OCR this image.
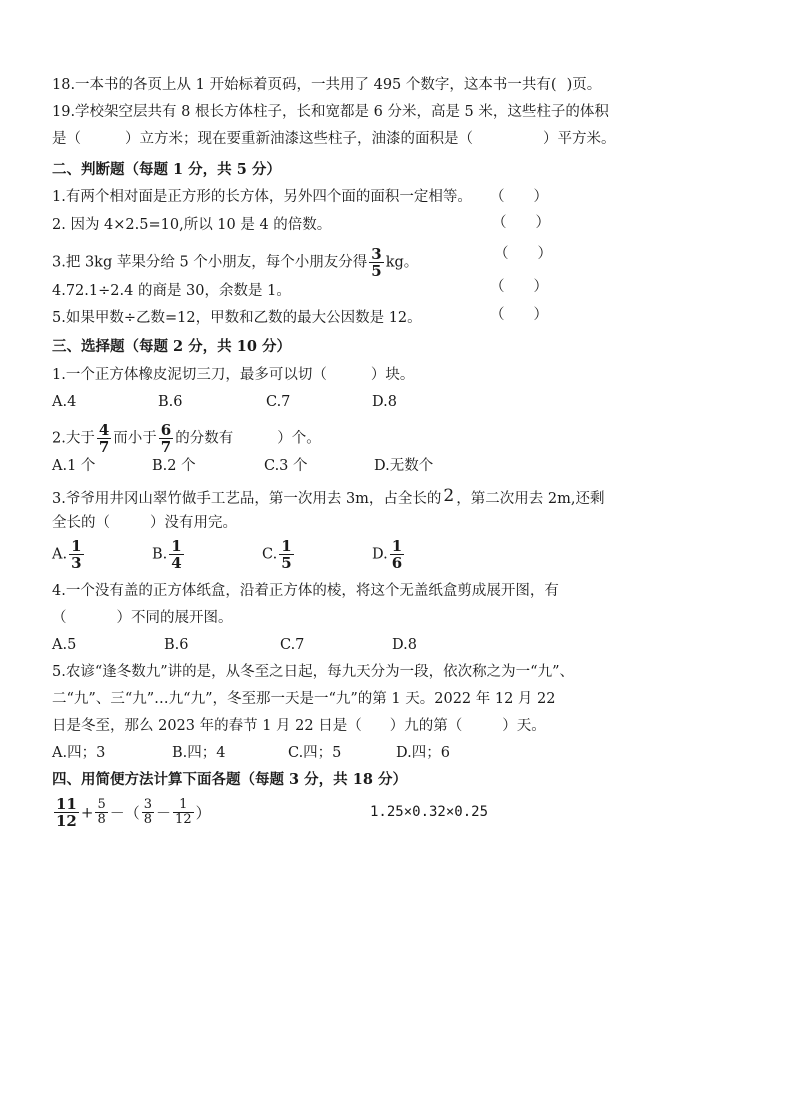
18.一本书的各页上从 1 开始标着页码，一共用了 495 个数字，这本书一共有( )页。
19.学校架空层共有 8 根长方体柱子，长和宽都是 6 分米，高是 5 米，这些柱子的体积
是（	）立方米；现在要重新油漆这些柱子，油漆的面积是（	）平方米。
二、判断题（每题 1 分，共 5 分）
1.有两个相对面是正方形的长方体，另外四个面的面积一定相等。 （　　）
2. 因为 4×2.5=10,所以 10 是 4 的倍数。	（　　）
3.把 3kg 苹果分给 5 个小朋友，每个小朋友分得 $\frac{3}{5}$ kg。
（　　）
4.72.1÷2.4 的商是 30，余数是 1。	（　　）
5.如果甲数÷乙数=12，甲数和乙数的最大公因数是 12。	（　　）
三、选择题（每题 2 分，共 10 分）
1.一个正方体橡皮泥切三刀，最多可以切（	）块。
A.4	B.6	C.7	D.8
2.大于 $\frac{4}{7}$ 而小于 $\frac{6}{7}$ 的分数有	）个。
A.1 个	B.2 个	C.3 个	D.无数个
3.爷爷用井冈山翠竹做手工艺品，第一次用去 3m，占全长的 2 ，第二次用去 2m,还剩
全长的（	）没有用完。
A. $\frac{1}{3}$	B. $\frac{1}{4}$	C. $\frac{1}{5}$	D. $\frac{1}{6}$
4.一个没有盖的正方体纸盒，沿着正方体的棱，将这个无盖纸盒剪成展开图，有
（	）不同的展开图。
A.5	B.6	C.7	D.8
5.农谚“逢冬数九”讲的是，从冬至之日起，每九天分为一段，依次称之为一“九”、
二“九”、三“九”…九“九”，冬至那一天是一“九”的第 1 天。2022 年 12 月 22
日是冬至，那么 2023 年的春节 1 月 22 日是（ ）九的第（	）天。
A.四；3	B.四；4	C.四；5	D.四；6
四、用简便方法计算下面各题（每题 3 分，共 18 分）
$\frac{11}{12} + \frac{5}{8}$ －（ $\frac{3}{8} - \frac{1}{12}$ ）	1.25×0.32×0.25
